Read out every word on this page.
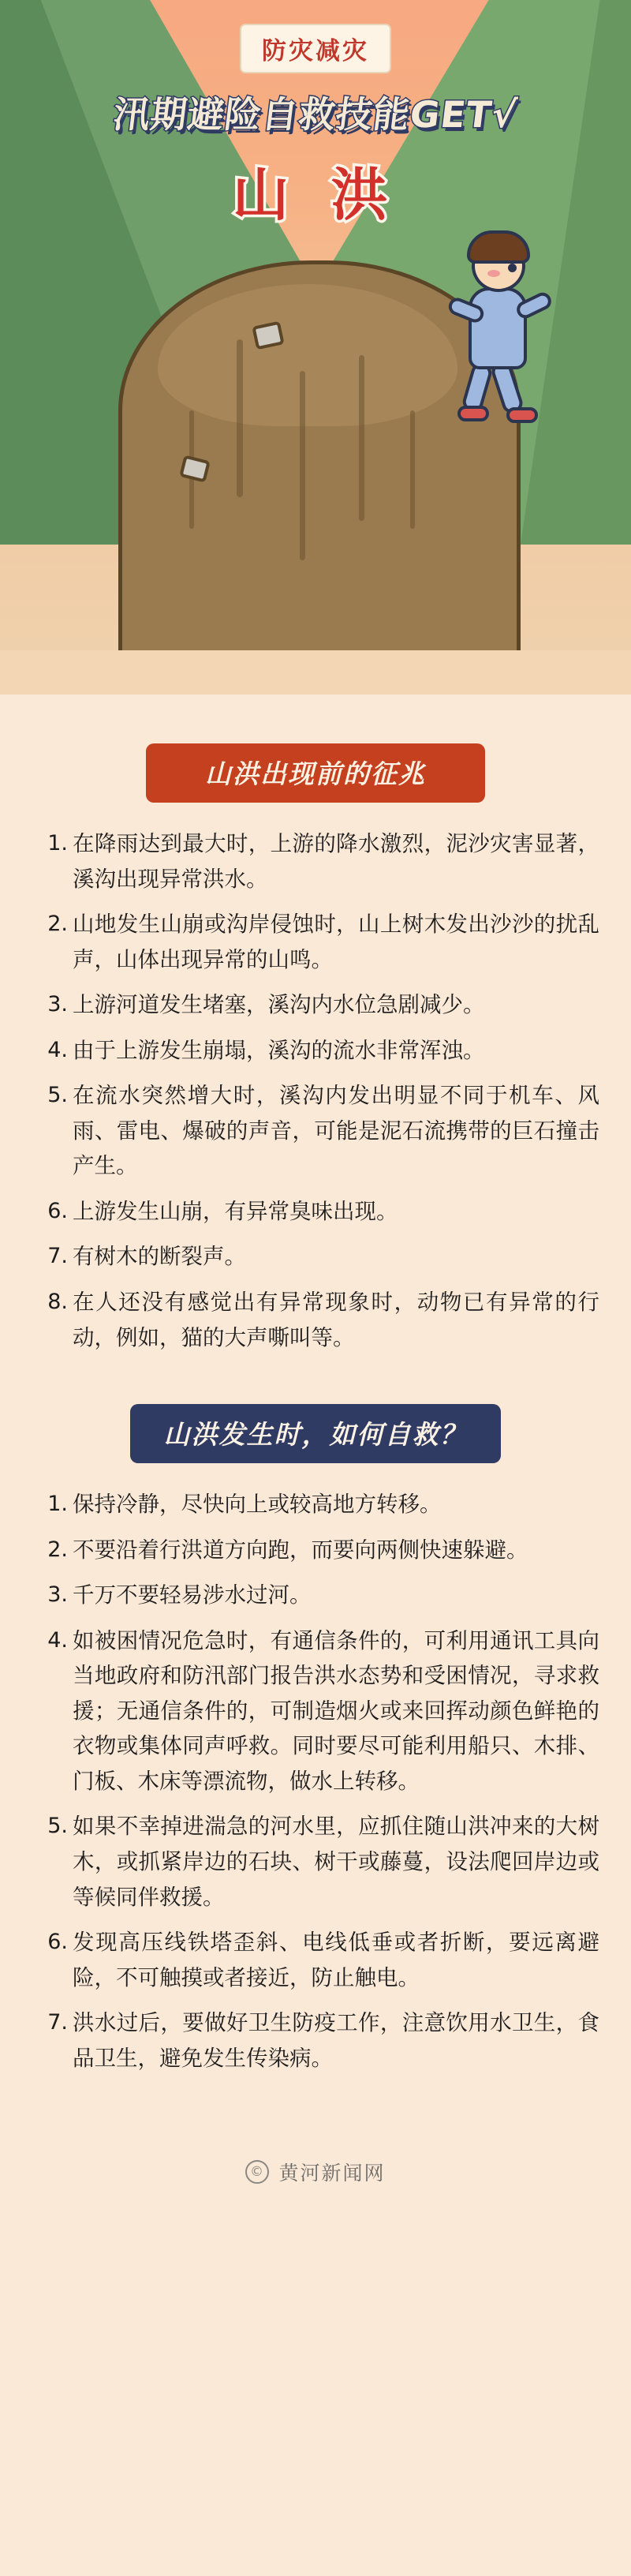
防灾减灾
汛期避险自救技能GET√
山 洪
山洪出现前的征兆
在降雨达到最大时，上游的降水激烈，泥沙灾害显著，溪沟出现异常洪水。
山地发生山崩或沟岸侵蚀时，山上树木发出沙沙的扰乱声，山体出现异常的山鸣。
上游河道发生堵塞，溪沟内水位急剧减少。
由于上游发生崩塌，溪沟的流水非常浑浊。
在流水突然增大时，溪沟内发出明显不同于机车、风雨、雷电、爆破的声音，可能是泥石流携带的巨石撞击产生。
上游发生山崩，有异常臭味出现。
有树木的断裂声。
在人还没有感觉出有异常现象时，动物已有异常的行动，例如，猫的大声嘶叫等。
山洪发生时，如何自救？
保持冷静，尽快向上或较高地方转移。
不要沿着行洪道方向跑，而要向两侧快速躲避。
千万不要轻易涉水过河。
如被困情况危急时，有通信条件的，可利用通讯工具向当地政府和防汛部门报告洪水态势和受困情况，寻求救援；无通信条件的，可制造烟火或来回挥动颜色鲜艳的衣物或集体同声呼救。同时要尽可能利用船只、木排、门板、木床等漂流物，做水上转移。
如果不幸掉进湍急的河水里，应抓住随山洪冲来的大树木，或抓紧岸边的石块、树干或藤蔓，设法爬回岸边或等候同伴救援。
发现高压线铁塔歪斜、电线低垂或者折断，要远离避险，不可触摸或者接近，防止触电。
洪水过后，要做好卫生防疫工作，注意饮用水卫生，食品卫生，避免发生传染病。
© 黄河新闻网
